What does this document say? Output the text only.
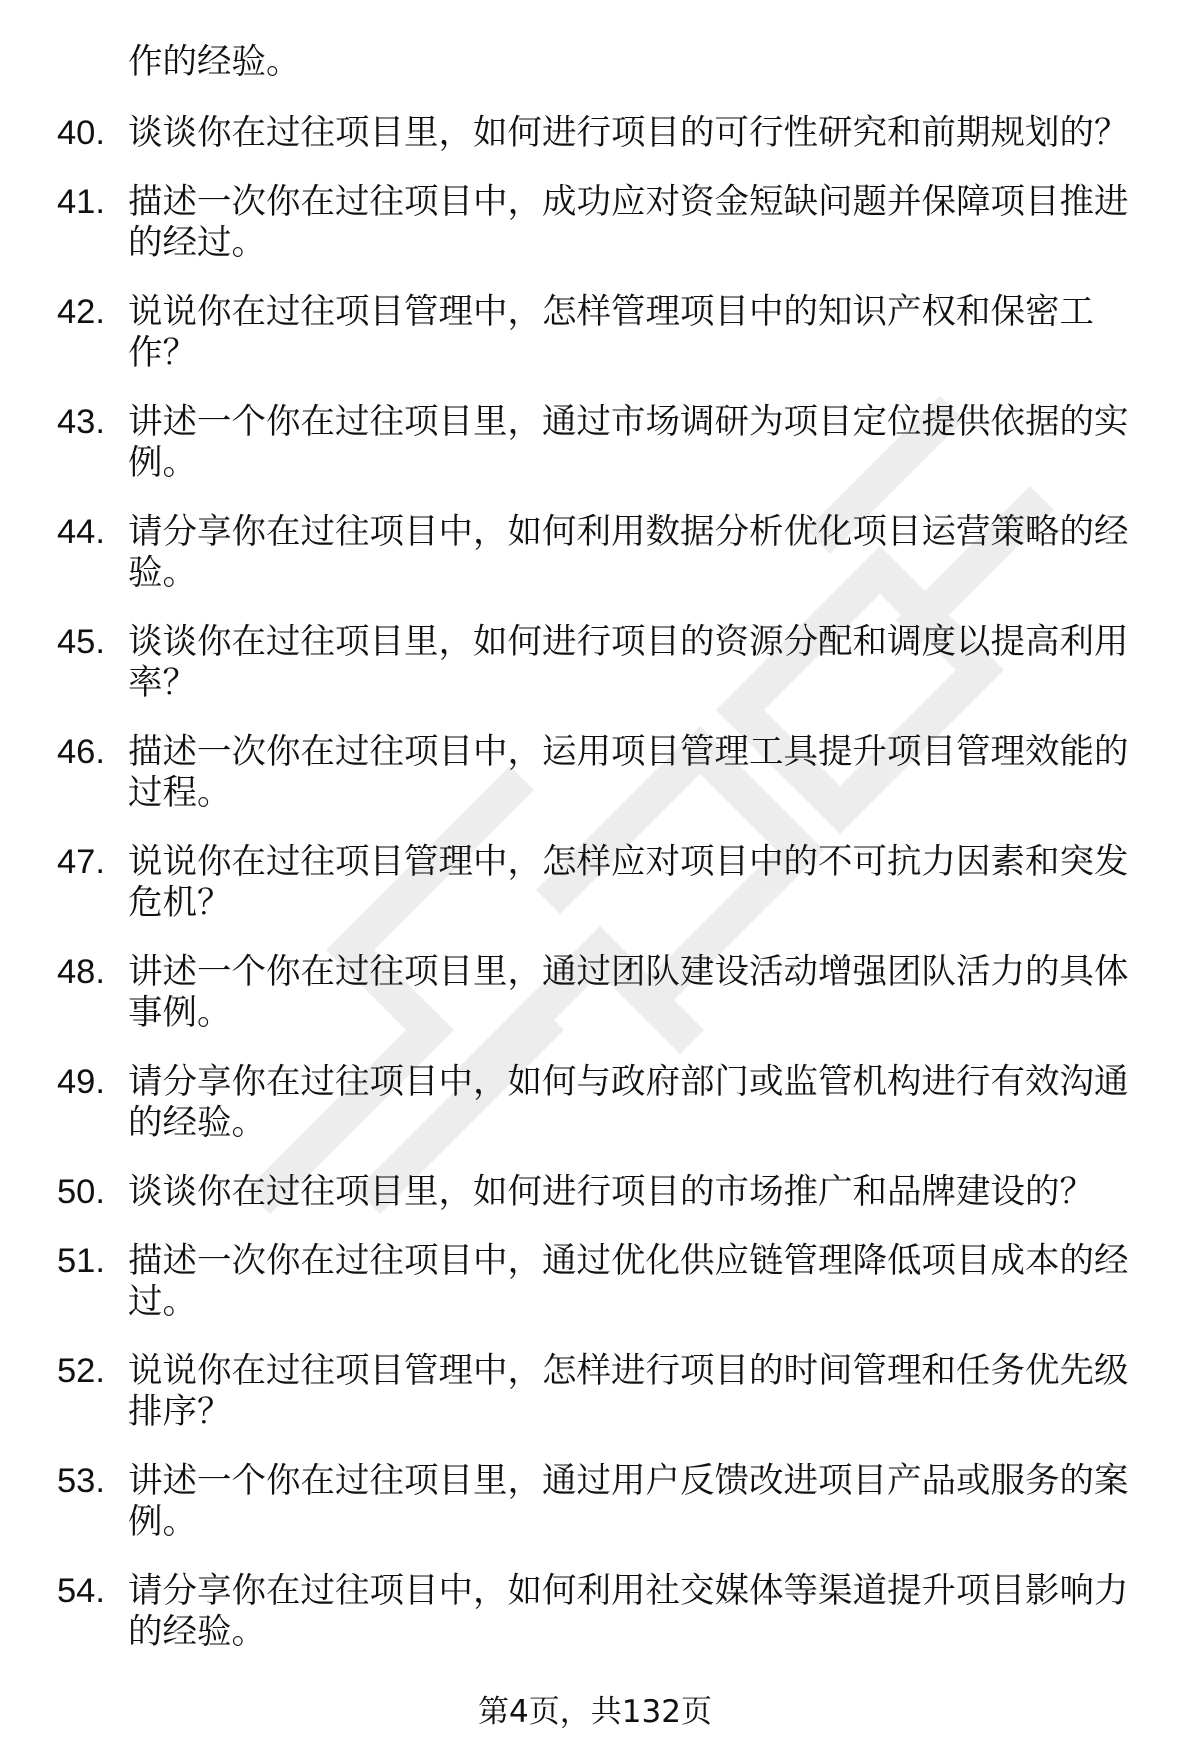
作的经验。
40. 谈谈你在过往项目里，如何进行项目的可行性研究和前期规划的？
41. 描述一次你在过往项目中，成功应对资金短缺问题并保障项目推进的经过。
42. 说说你在过往项目管理中，怎样管理项目中的知识产权和保密工作？
43. 讲述一个你在过往项目里，通过市场调研为项目定位提供依据的实例。
44. 请分享你在过往项目中，如何利用数据分析优化项目运营策略的经验。
45. 谈谈你在过往项目里，如何进行项目的资源分配和调度以提高利用率？
46. 描述一次你在过往项目中，运用项目管理工具提升项目管理效能的过程。
47. 说说你在过往项目管理中，怎样应对项目中的不可抗力因素和突发危机？
48. 讲述一个你在过往项目里，通过团队建设活动增强团队活力的具体事例。
49. 请分享你在过往项目中，如何与政府部门或监管机构进行有效沟通的经验。
50. 谈谈你在过往项目里，如何进行项目的市场推广和品牌建设的？
51. 描述一次你在过往项目中，通过优化供应链管理降低项目成本的经过。
52. 说说你在过往项目管理中，怎样进行项目的时间管理和任务优先级排序？
53. 讲述一个你在过往项目里，通过用户反馈改进项目产品或服务的案例。
54. 请分享你在过往项目中，如何利用社交媒体等渠道提升项目影响力的经验。
第4页，共132页
